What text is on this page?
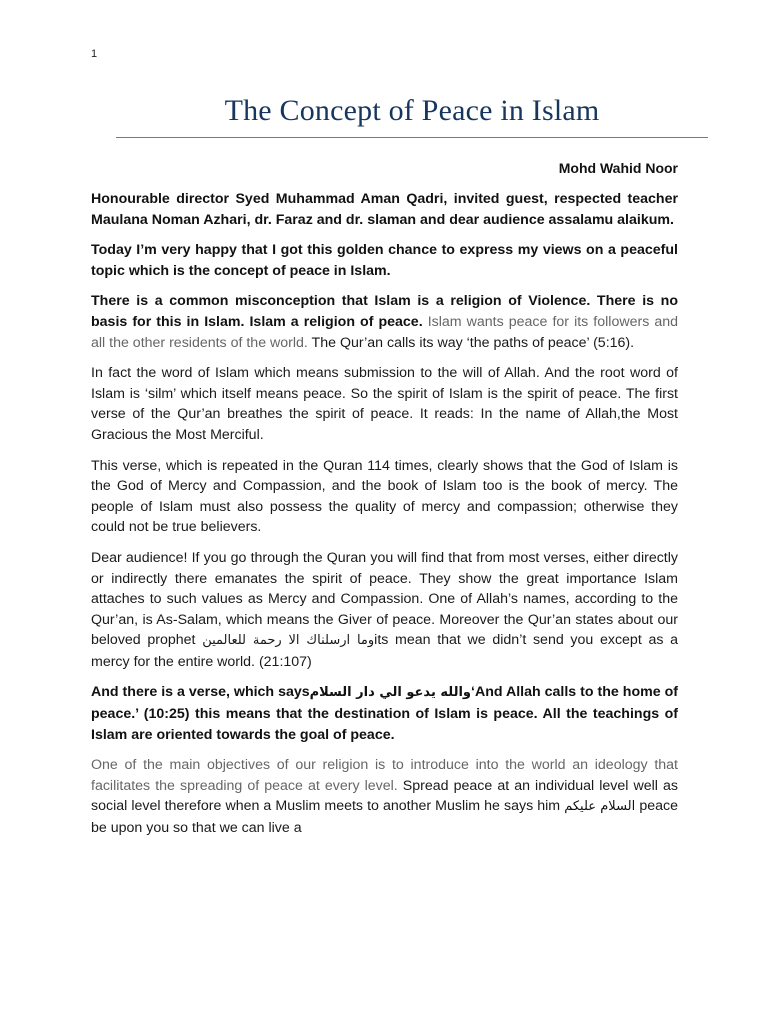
1
The Concept of Peace in Islam
Mohd Wahid Noor

Honourable director Syed Muhammad Aman Qadri, invited guest, respected teacher Maulana Noman Azhari, dr. Faraz and dr. slaman and dear audience assalamu alaikum.

Today I’m very happy that I got this golden chance to express my views on a peaceful topic which is the concept of peace in Islam.

There is a common misconception that Islam is a religion of Violence. There is no basis for this in Islam. Islam a religion of peace. Islam wants peace for its followers and all the other residents of the world. The Qur’an calls its way ‘the paths of peace’ (5:16).

In fact the word of Islam which means submission to the will of Allah. And the root word of Islam is ‘silm’ which itself means peace. So the spirit of Islam is the spirit of peace. The first verse of the Qur’an breathes the spirit of peace. It reads: In the name of Allah,the Most Gracious the Most Merciful.

This verse, which is repeated in the Quran 114 times, clearly shows that the God of Islam is the God of Mercy and Compassion, and the book of Islam too is the book of mercy. The people of Islam must also possess the quality of mercy and compassion; otherwise they could not be true believers.

Dear audience! If you go through the Quran you will find that from most verses, either directly or indirectly there emanates the spirit of peace. They show the great importance Islam attaches to such values as Mercy and Compassion. One of Allah’s names, according to the Qur’an, is As-Salam, which means the Giver of peace. Moreover the Qur’an states about our beloved prophet وما ارسلناك الا رحمة للعالمينits mean that we didn’t send you except as a mercy for the entire world. (21:107)

And there is a verse, which saysوالله يدعو الي دار السلام‘And Allah calls to the home of peace.’ (10:25) this means that the destination of Islam is peace. All the teachings of Islam are oriented towards the goal of peace.

One of the main objectives of our religion is to introduce into the world an ideology that facilitates the spreading of peace at every level. Spread peace at an individual level well as social level therefore when a Muslim meets to another Muslim he says him السلام عليكم peace be upon you so that we can live a
